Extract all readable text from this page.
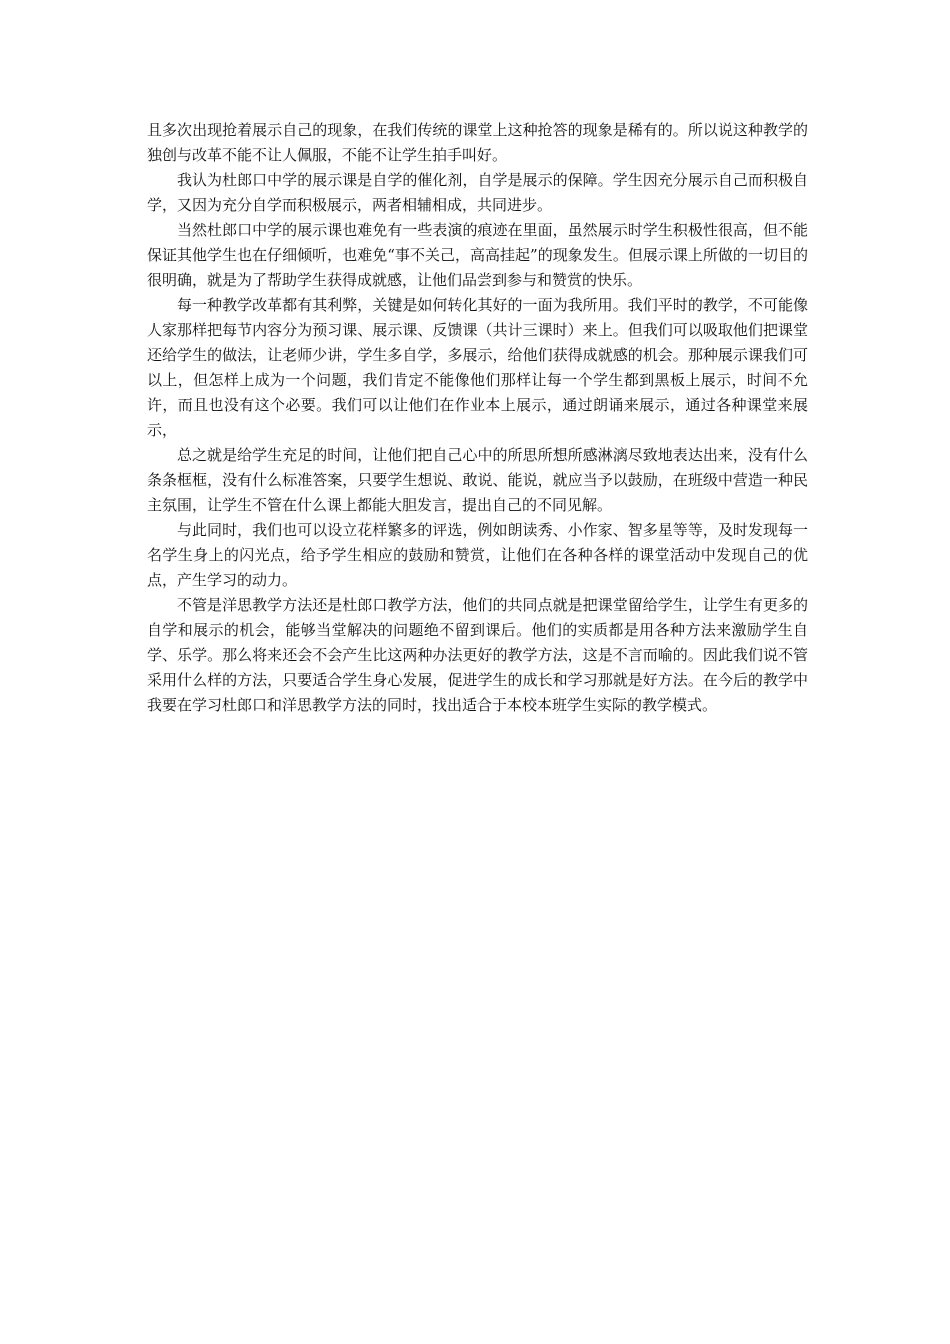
且多次出现抢着展示自己的现象，在我们传统的课堂上这种抢答的现象是稀有的。所以说这种教学的独创与改革不能不让人佩服，不能不让学生拍手叫好。

我认为杜郎口中学的展示课是自学的催化剂，自学是展示的保障。学生因充分展示自己而积极自学，又因为充分自学而积极展示，两者相辅相成，共同进步。

当然杜郎口中学的展示课也难免有一些表演的痕迹在里面，虽然展示时学生积极性很高，但不能保证其他学生也在仔细倾听，也难免“事不关己，高高挂起”的现象发生。但展示课上所做的一切目的很明确，就是为了帮助学生获得成就感，让他们品尝到参与和赞赏的快乐。

每一种教学改革都有其利弊，关键是如何转化其好的一面为我所用。我们平时的教学，不可能像人家那样把每节内容分为预习课、展示课、反馈课（共计三课时）来上。但我们可以吸取他们把课堂还给学生的做法，让老师少讲，学生多自学，多展示，给他们获得成就感的机会。那种展示课我们可以上，但怎样上成为一个问题，我们肯定不能像他们那样让每一个学生都到黑板上展示，时间不允许，而且也没有这个必要。我们可以让他们在作业本上展示，通过朗诵来展示，通过各种课堂来展示，

总之就是给学生充足的时间，让他们把自己心中的所思所想所感淋漓尽致地表达出来，没有什么条条框框，没有什么标准答案，只要学生想说、敢说、能说，就应当予以鼓励，在班级中营造一种民主氛围，让学生不管在什么课上都能大胆发言，提出自己的不同见解。

与此同时，我们也可以设立花样繁多的评选，例如朗读秀、小作家、智多星等等，及时发现每一名学生身上的闪光点，给予学生相应的鼓励和赞赏，让他们在各种各样的课堂活动中发现自己的优点，产生学习的动力。

不管是洋思教学方法还是杜郎口教学方法，他们的共同点就是把课堂留给学生，让学生有更多的自学和展示的机会，能够当堂解决的问题绝不留到课后。他们的实质都是用各种方法来激励学生自学、乐学。那么将来还会不会产生比这两种办法更好的教学方法，这是不言而喻的。因此我们说不管采用什么样的方法，只要适合学生身心发展，促进学生的成长和学习那就是好方法。在今后的教学中我要在学习杜郎口和洋思教学方法的同时，找出适合于本校本班学生实际的教学模式。
